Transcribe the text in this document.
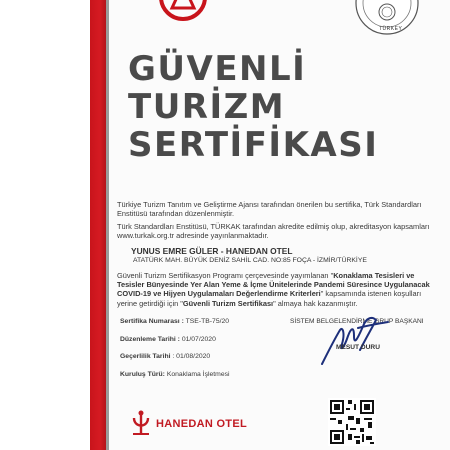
TÜRKEY
GÜVENLİ
TURİZM
SERTİFİKASI
Türkiye Turizm Tanıtım ve Geliştirme Ajansı tarafından önerilen bu sertifika, Türk Standardları Enstitüsü tarafından düzenlenmiştir.
Türk Standardları Enstitüsü, TÜRKAK tarafından akredite edilmiş olup, akreditasyon kapsamları www.turkak.org.tr adresinde yayınlanmaktadır.
YUNUS EMRE GÜLER - HANEDAN OTEL
ATATÜRK MAH. BÜYÜK DENİZ SAHİL CAD. NO:85 FOÇA - İZMİR/TÜRKİYE
Güvenli Turizm Sertifikasyon Programı çerçevesinde yayımlanan "Konaklama Tesisleri ve Tesisler Bünyesinde Yer Alan Yeme & İçme Ünitelerinde Pandemi Süresince Uygulanacak COVID-19 ve Hijyen Uygulamaları Değerlendirme Kriterleri" kapsamında istenen koşulları yerine getirdiği için "Güvenli Turizm Sertifikası" almaya hak kazanmıştır.
Sertifika Numarası : TSE-TB-75/20
Düzenleme Tarihi : 01/07/2020
Geçerlilik Tarihi : 01/08/2020
Kuruluş Türü: Konaklama İşletmesi
SİSTEM BELGELENDİRME GRUP BAŞKANI
MESUT DURU
HANEDAN OTEL
